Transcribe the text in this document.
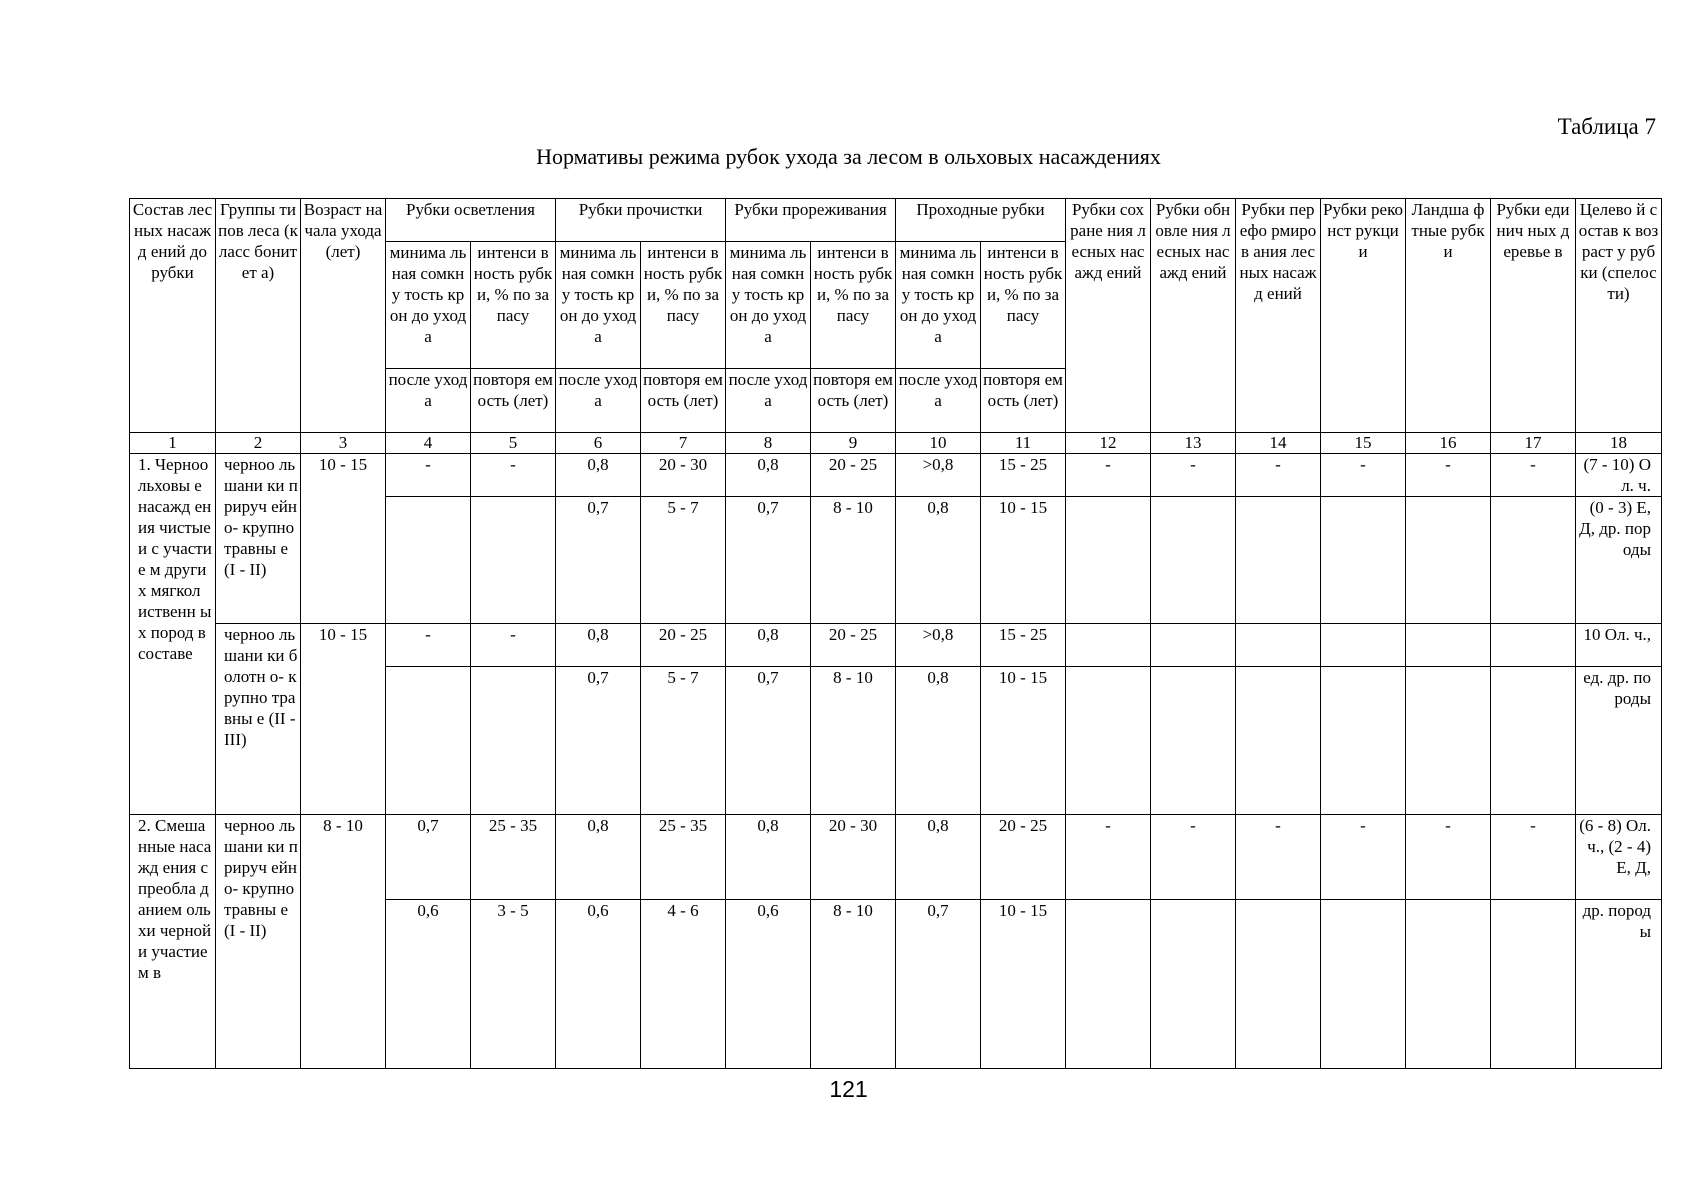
Таблица 7
Нормативы режима рубок ухода за лесом в ольховых насаждениях
Состав лесных насажд ений до рубки	Группы типов леса (класс бонитет а)	Возраст начала ухода (лет)	Рубки осветления		Рубки прочистки		Рубки прореживания		Проходные рубки		Рубки сохране ния лесных насажд ений	Рубки обновле ния лесных насажд ений	Рубки перефо рмиров ания лесных насажд ений	Рубки реконст рукции	Ландша фтные рубки	Рубки единич ных деревье в	Целево й состав к возраст у рубки (спелос ти)
			минима льная сомкну тость крон до ухода	интенси вность рубки, % по запасу	минима льная сомкну тость крон до ухода	интенси вность рубки, % по запасу	минима льная сомкну тость крон до ухода	интенси вность рубки, % по запасу	минима льная сомкну тость крон до ухода	интенси вность рубки, % по запасу							
			после ухода	повторя емость (лет)	после ухода	повторя емость (лет)	после ухода	повторя емость (лет)	после ухода	повторя емость (лет)							
1	2	3	4	5	6	7	8	9	10	11	12	13	14	15	16	17	18
1. Черноо льховы е насажд ения чистые и с участие м других мягкол иственн ых пород в составе	черноо льшани ки прируч ейно- крупно травны е (I - II)	10 - 15	-	-	0,8	20 - 30	0,8	20 - 25	>0,8	15 - 25	-	-	-	-	-	-	(7 - 10) Ол. ч.
					0,7	5 - 7	0,7	8 - 10	0,8	10 - 15							(0 - 3) Е, Д, др. породы
	черноо льшани ки болотн о- крупно травны е (II - III)	10 - 15	-	-	0,8	20 - 25	0,8	20 - 25	>0,8	15 - 25							10 Ол. ч.,
					0,7	5 - 7	0,7	8 - 10	0,8	10 - 15							ед. др. породы
2. Смеша нные насажд ения с преобла данием ольхи черной и участие м в	черноо льшани ки прируч ейно- крупно травны е (I - II)	8 - 10	0,7	25 - 35	0,8	25 - 35	0,8	20 - 30	0,8	20 - 25	-	-	-	-	-	-	(6 - 8) Ол. ч., (2 - 4) Е, Д,
			0,6	3 - 5	0,6	4 - 6	0,6	8 - 10	0,7	10 - 15							др. породы
121
